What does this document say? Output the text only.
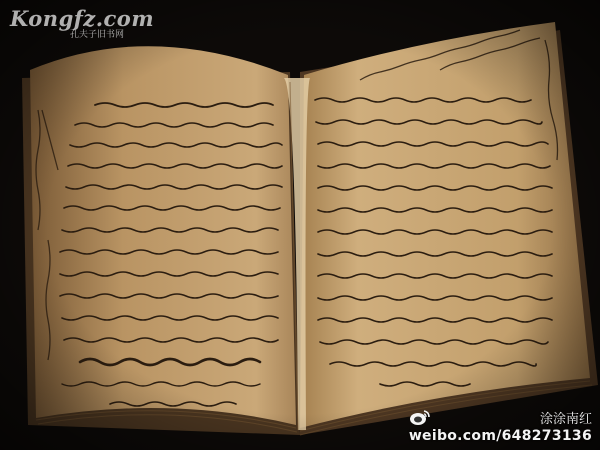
Kongfz.com
孔夫子旧书网
涂涂南红
weibo.com/648273136
